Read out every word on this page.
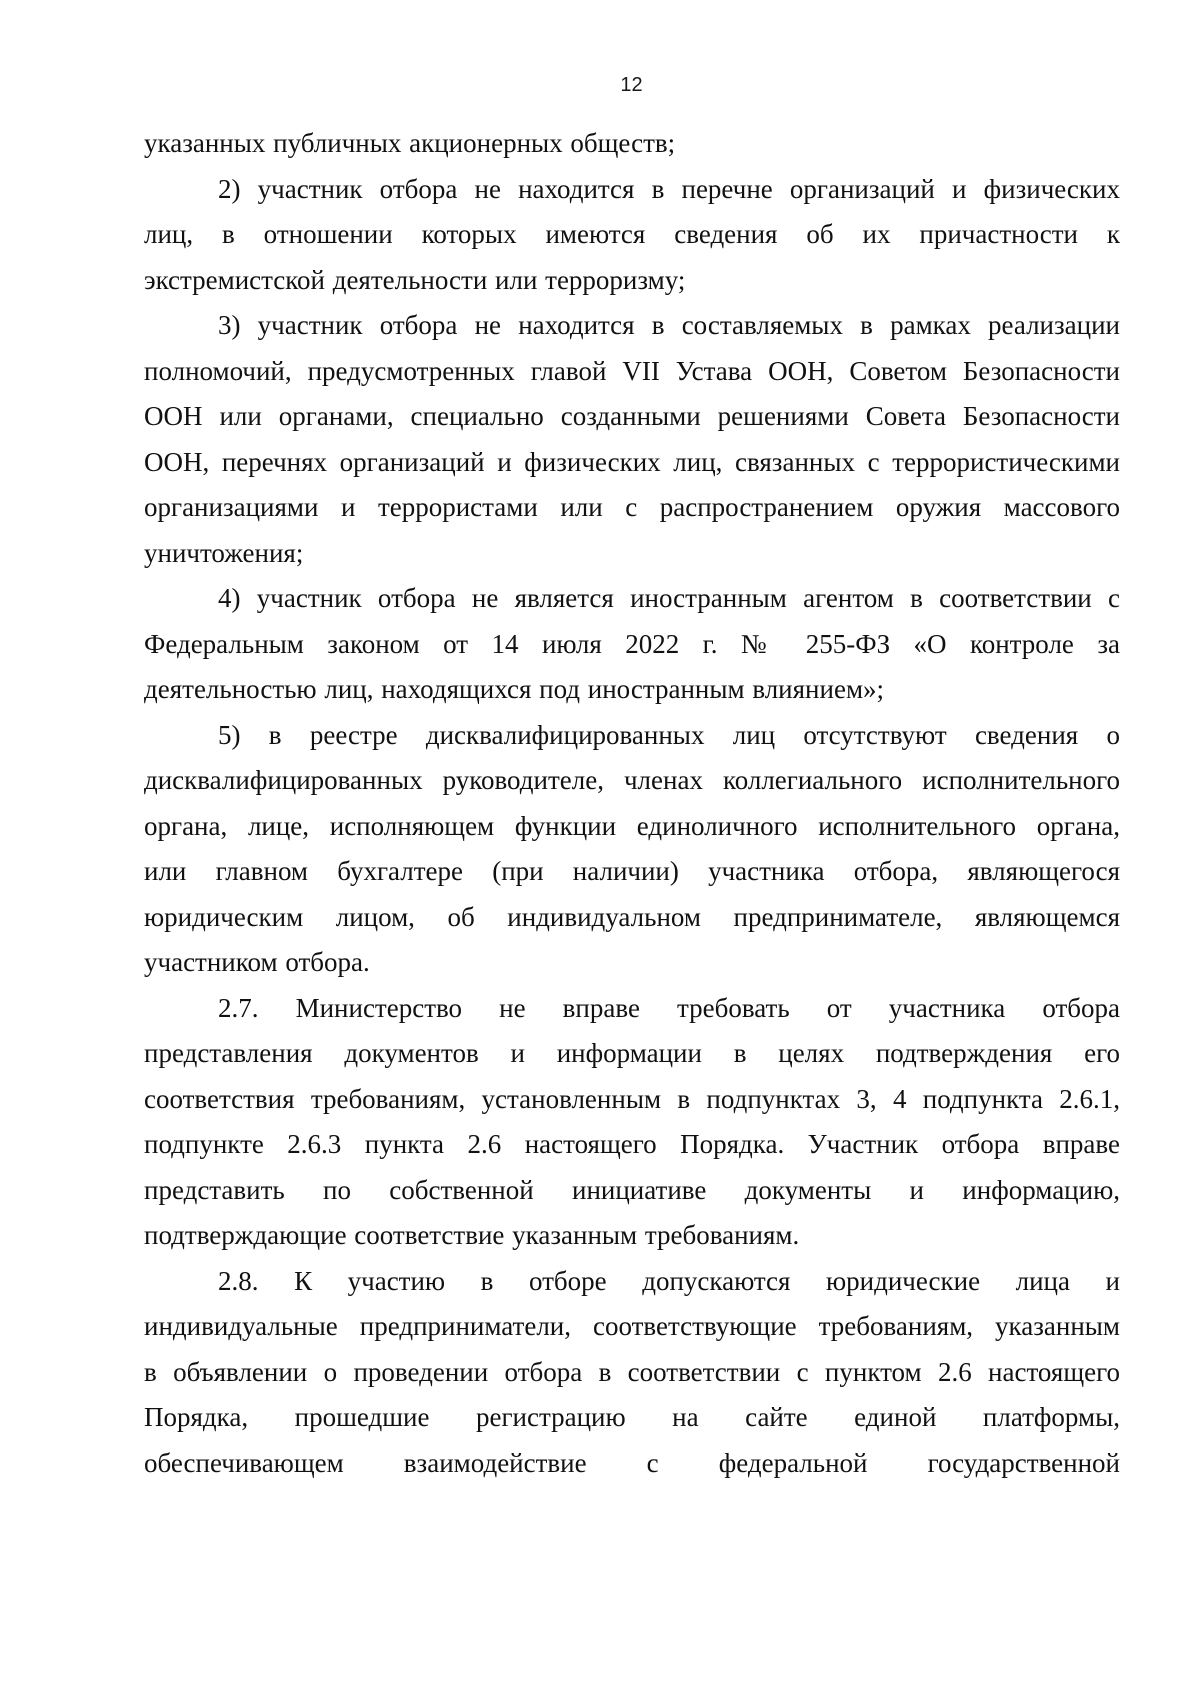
12
указанных публичных акционерных обществ;
2) участник отбора не находится в перечне организаций и физических
лиц, в отношении которых имеются сведения об их причастности к
экстремистской деятельности или терроризму;
3) участник отбора не находится в составляемых в рамках реализации
полномочий, предусмотренных главой VII Устава ООН, Советом Безопасности
ООН или органами, специально созданными решениями Совета Безопасности
ООН, перечнях организаций и физических лиц, связанных с террористическими
организациями и террористами или с распространением оружия массового
уничтожения;
4) участник отбора не является иностранным агентом в соответствии с
Федеральным законом от 14 июля 2022 г. № 255-ФЗ «О контроле за
деятельностью лиц, находящихся под иностранным влиянием»;
5) в реестре дисквалифицированных лиц отсутствуют сведения о
дисквалифицированных руководителе, членах коллегиального исполнительного
органа, лице, исполняющем функции единоличного исполнительного органа,
или главном бухгалтере (при наличии) участника отбора, являющегося
юридическим лицом, об индивидуальном предпринимателе, являющемся
участником отбора.
2.7. Министерство не вправе требовать от участника отбора
представления документов и информации в целях подтверждения его
соответствия требованиям, установленным в подпунктах 3, 4 подпункта 2.6.1,
подпункте 2.6.3 пункта 2.6 настоящего Порядка. Участник отбора вправе
представить по собственной инициативе документы и информацию,
подтверждающие соответствие указанным требованиям.
2.8. К участию в отборе допускаются юридические лица и
индивидуальные предприниматели, соответствующие требованиям, указанным
в объявлении о проведении отбора в соответствии с пунктом 2.6 настоящего
Порядка, прошедшие регистрацию на сайте единой платформы,
обеспечивающем взаимодействие с федеральной государственной
